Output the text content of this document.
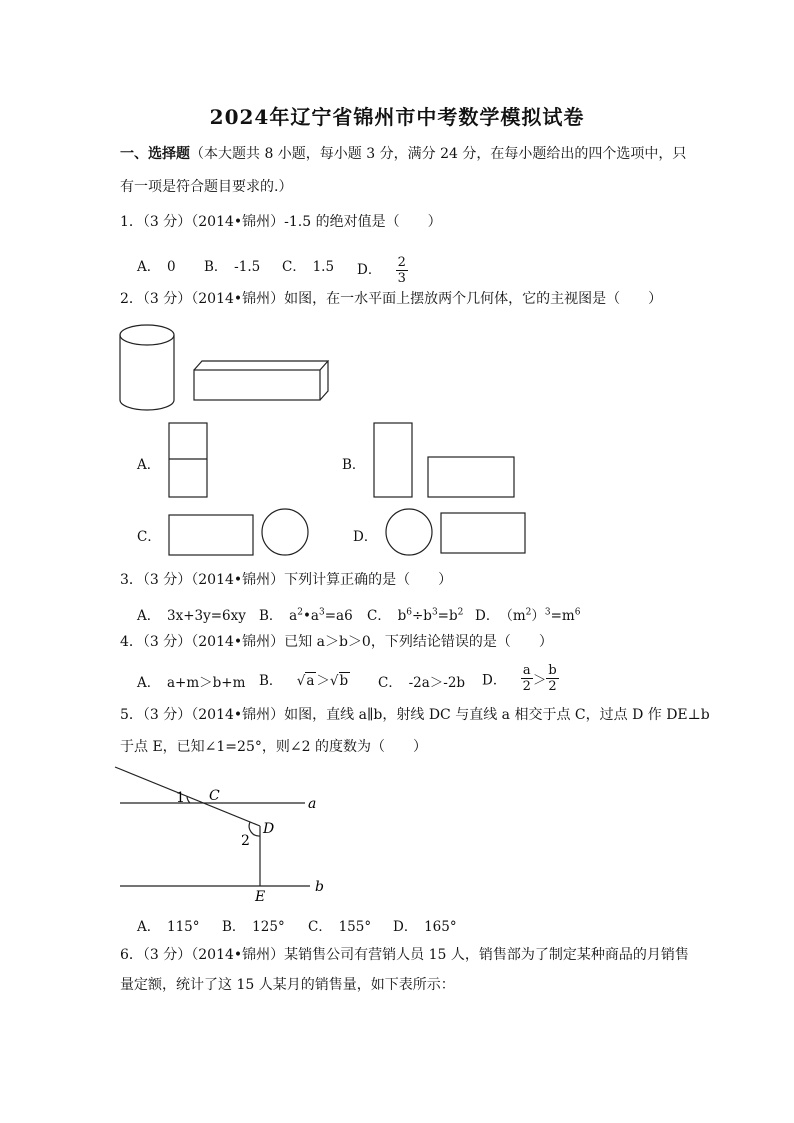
2024年辽宁省锦州市中考数学模拟试卷
一、选择题（本大题共 8 小题，每小题 3 分，满分 24 分，在每小题给出的四个选项中，只
有一项是符合题目要求的.）
1．（3 分）（2014•锦州）-1.5 的绝对值是（　　）
A．　0 B．　-1.5 C．　1.5 D． $\frac{2}{3}$
2．（3 分）（2014•锦州）如图，在一水平面上摆放两个几何体，它的主视图是（　　）
A．	B．
C．	D．
3．（3 分）（2014•锦州）下列计算正确的是（　　）
A．　3x+3y=6xy B．　$a^2•a^3=a6$ C．　$b^6\div b^3=b^2$ D．　$(m^2)^3=m^6$
4．（3 分）（2014•锦州）已知 a＞b＞0，下列结论错误的是（　　）
A．　a+m＞b+m B． √a ＞√b C．　-2a＞-2b D． $\frac{a}{2} > \frac{b}{2}$
5．（3 分）（2014•锦州）如图，直线 a∥b，射线 DC 与直线 a 相交于点 C，过点 D 作 DE⊥b
于点 E，已知∠1=25°，则∠2 的度数为（　　）
1 C	a
D
2
E
b
A．　115° B．　125° C．　155° D．　165°
6．（3 分）（2014•锦州）某销售公司有营销人员 15 人，销售部为了制定某种商品的月销售
量定额，统计了这 15 人某月的销售量，如下表所示：
